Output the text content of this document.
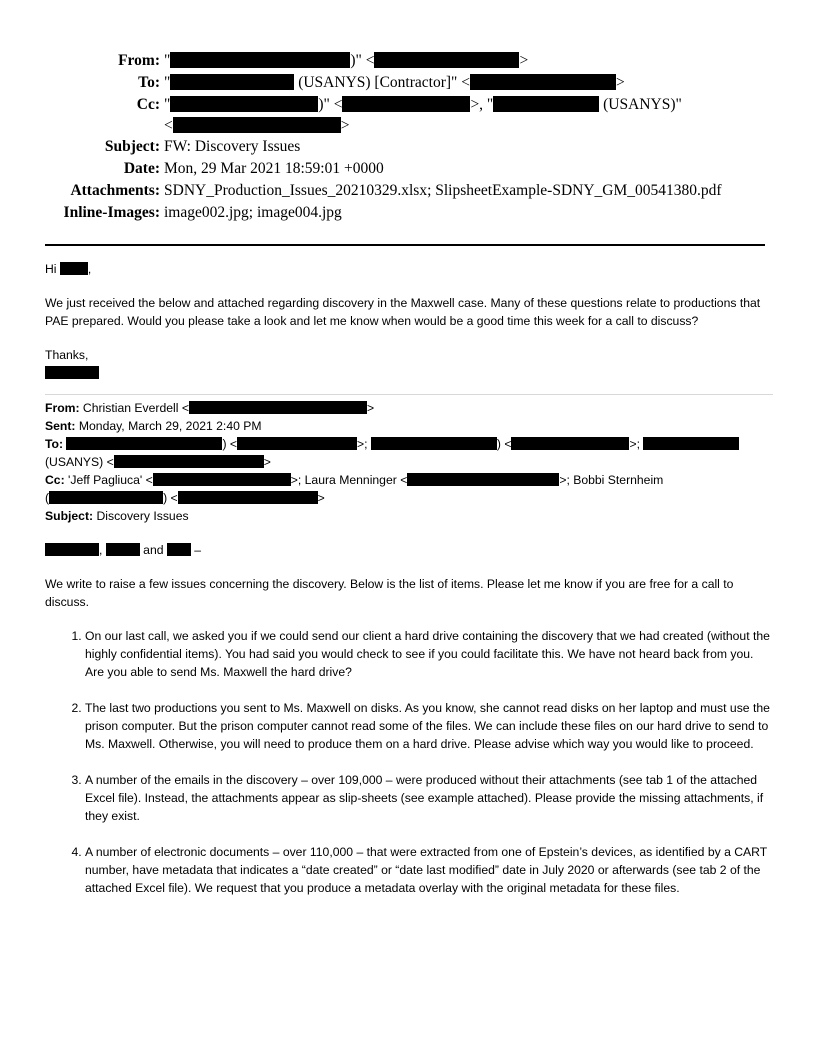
From: "	)" <	>
To: "	(USANYS) [Contractor]" <	>
Cc: "	)" <	>, "	(USANYS)"
<	>
Subject: FW: Discovery Issues
Date: Mon, 29 Mar 2021 18:59:01 +0000
Attachments: SDNY_Production_Issues_20210329.xlsx; SlipsheetExample-SDNY_GM_00541380.pdf
Inline-Images: image002.jpg; image004.jpg

Hi	,

We just received the below and attached regarding discovery in the Maxwell case. Many of these questions relate to productions that PAE prepared. Would you please take a look and let me know when would be a good time this week for a call to discuss?

Thanks,

From: Christian Everdell <	>

Sent: Monday, March 29, 2021 2:40 PM

To:	) <	>;	) <	>;
(USANYS) <	>

Cc: 'Jeff Pagliuca' <	>; Laura Menninger <	>; Bobbi Sternheim
(	) <	>

Subject: Discovery Issues

,	and  –

We write to raise a few issues concerning the discovery. Below is the list of items. Please let me know if you are free for a call to discuss.

1. On our last call, we asked you if we could send our client a hard drive containing the discovery that we had created (without the highly confidential items). You had said you would check to see if you could facilitate this. We have not heard back from you. Are you able to send Ms. Maxwell the hard drive?
2. The last two productions you sent to Ms. Maxwell on disks. As you know, she cannot read disks on her laptop and must use the prison computer. But the prison computer cannot read some of the files. We can include these files on our hard drive to send to Ms. Maxwell. Otherwise, you will need to produce them on a hard drive. Please advise which way you would like to proceed.
3. A number of the emails in the discovery – over 109,000 – were produced without their attachments (see tab 1 of the attached Excel file). Instead, the attachments appear as slip-sheets (see example attached). Please provide the missing attachments, if they exist.
4. A number of electronic documents – over 110,000 – that were extracted from one of Epstein’s devices, as identified by a CART number, have metadata that indicates a “date created” or “date last modified” date in July 2020 or afterwards (see tab 2 of the attached Excel file). We request that you produce a metadata overlay with the original metadata for these files.
